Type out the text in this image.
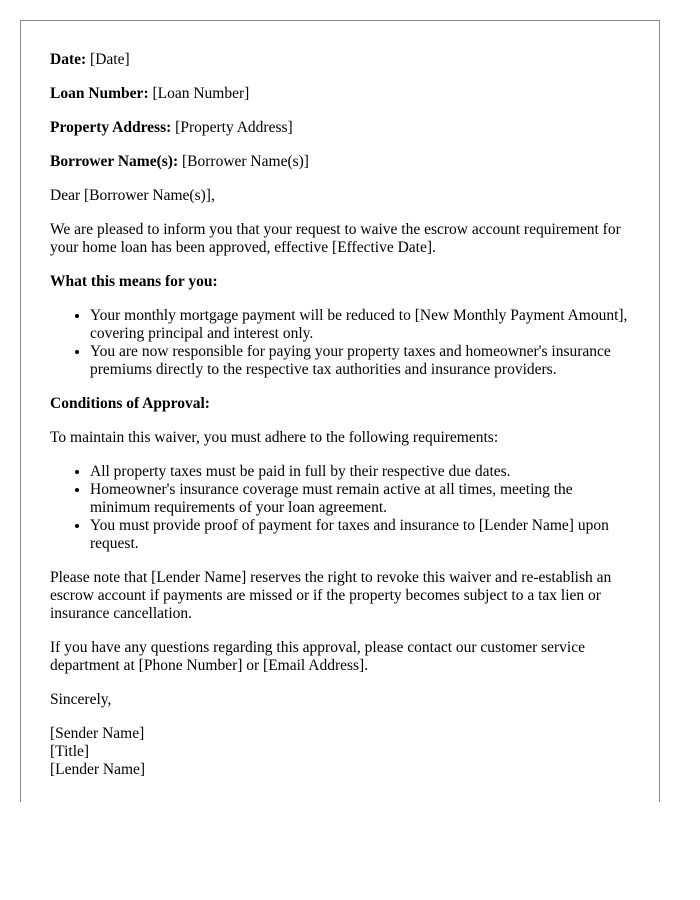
Date: [Date]

Loan Number: [Loan Number]

Property Address: [Property Address]

Borrower Name(s): [Borrower Name(s)]

Dear [Borrower Name(s)],

We are pleased to inform you that your request to waive the escrow account requirement for your home loan has been approved, effective [Effective Date].

What this means for you:
• Your monthly mortgage payment will be reduced to [New Monthly Payment Amount], covering principal and interest only.
• You are now responsible for paying your property taxes and homeowner's insurance premiums directly to the respective tax authorities and insurance providers.
Conditions of Approval:

To maintain this waiver, you must adhere to the following requirements:

• All property taxes must be paid in full by their respective due dates.
• Homeowner's insurance coverage must remain active at all times, meeting the minimum requirements of your loan agreement.
• You must provide proof of payment for taxes and insurance to [Lender Name] upon request.

Please note that [Lender Name] reserves the right to revoke this waiver and re-establish an escrow account if payments are missed or if the property becomes subject to a tax lien or insurance cancellation.

If you have any questions regarding this approval, please contact our customer service department at [Phone Number] or [Email Address].

Sincerely,

[Sender Name]
[Title]
[Lender Name]
